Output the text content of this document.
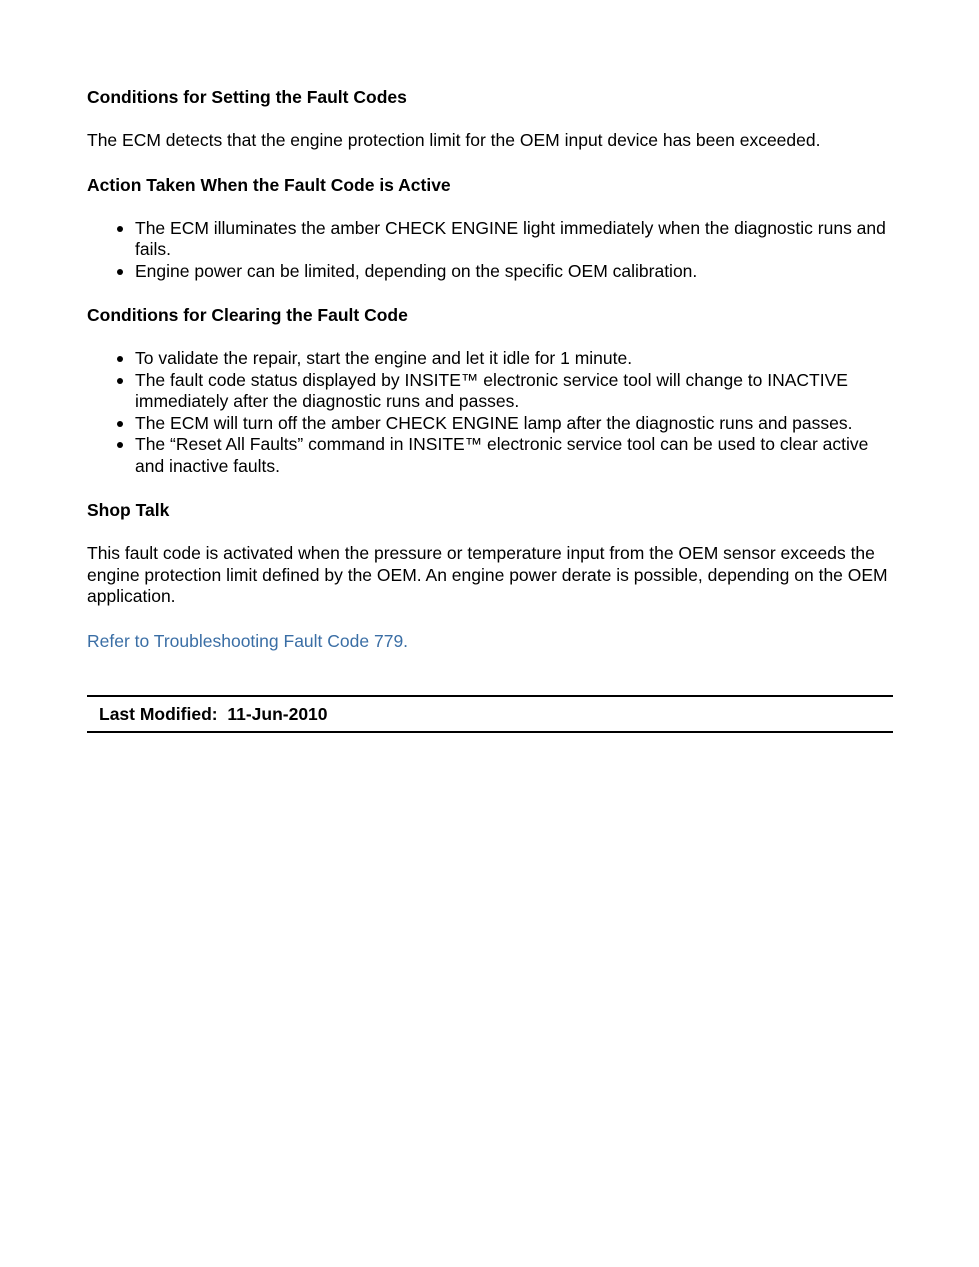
Conditions for Setting the Fault Codes

The ECM detects that the engine protection limit for the OEM input device has been exceeded.

Action Taken When the Fault Code is Active

The ECM illuminates the amber CHECK ENGINE light immediately when the diagnostic runs and fails.
Engine power can be limited, depending on the specific OEM calibration.

Conditions for Clearing the Fault Code

To validate the repair, start the engine and let it idle for 1 minute.
The fault code status displayed by INSITE™ electronic service tool will change to INACTIVE immediately after the diagnostic runs and passes.
The ECM will turn off the amber CHECK ENGINE lamp after the diagnostic runs and passes.
The “Reset All Faults” command in INSITE™ electronic service tool can be used to clear active and inactive faults.

Shop Talk

This fault code is activated when the pressure or temperature input from the OEM sensor exceeds the engine protection limit defined by the OEM. An engine power derate is possible, depending on the OEM application.

Refer to Troubleshooting Fault Code 779.
Last Modified:  11-Jun-2010
